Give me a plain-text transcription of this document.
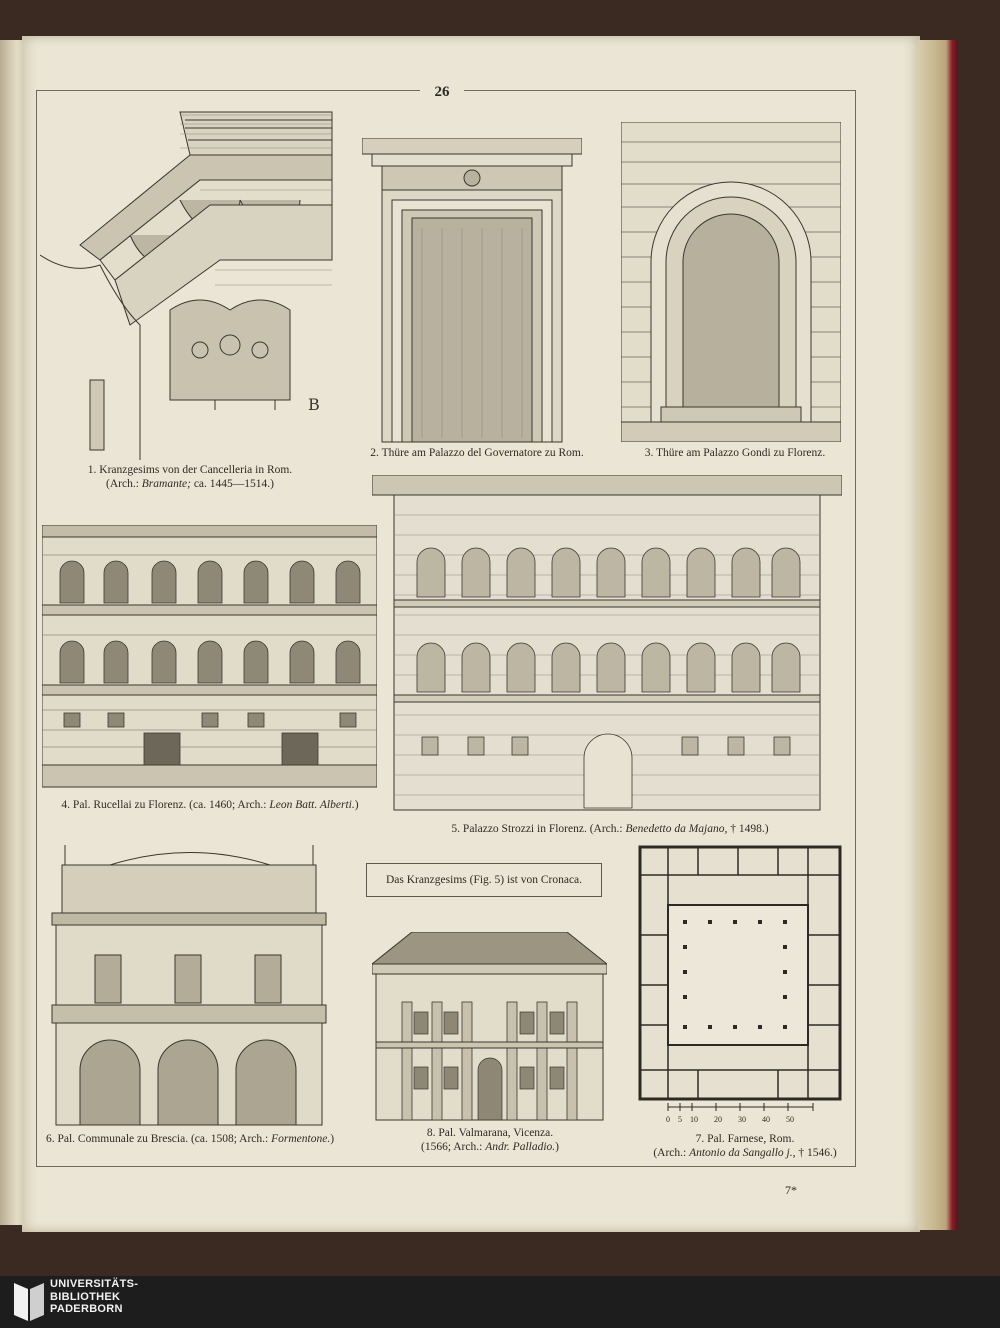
26
B
1. Kranzgesims von der Cancelleria in Rom.
(Arch.: Bramante; ca. 1445—1514.)
2. Thüre am Palazzo del Governatore zu Rom.	3. Thüre am Palazzo Gondi zu Florenz.
4. Pal. Rucellai zu Florenz. (ca. 1460; Arch.: Leon Batt. Alberti.)
5. Palazzo Strozzi in Florenz. (Arch.: Benedetto da Majano, † 1498.)
Das Kranzgesims (Fig. 5) ist von Cronaca.
6. Pal. Communale zu Brescia. (ca. 1508; Arch.: Formentone.)	8. Pal. Valmarana, Vicenza.
(1566; Arch.: Andr. Palladio.)
0 5 10 20 30 40 50
7. Pal. Farnese, Rom.
(Arch.: Antonio da Sangallo j., † 1546.)
7*
UNIVERSITÄTS-
BIBLIOTHEK
PADERBORN
